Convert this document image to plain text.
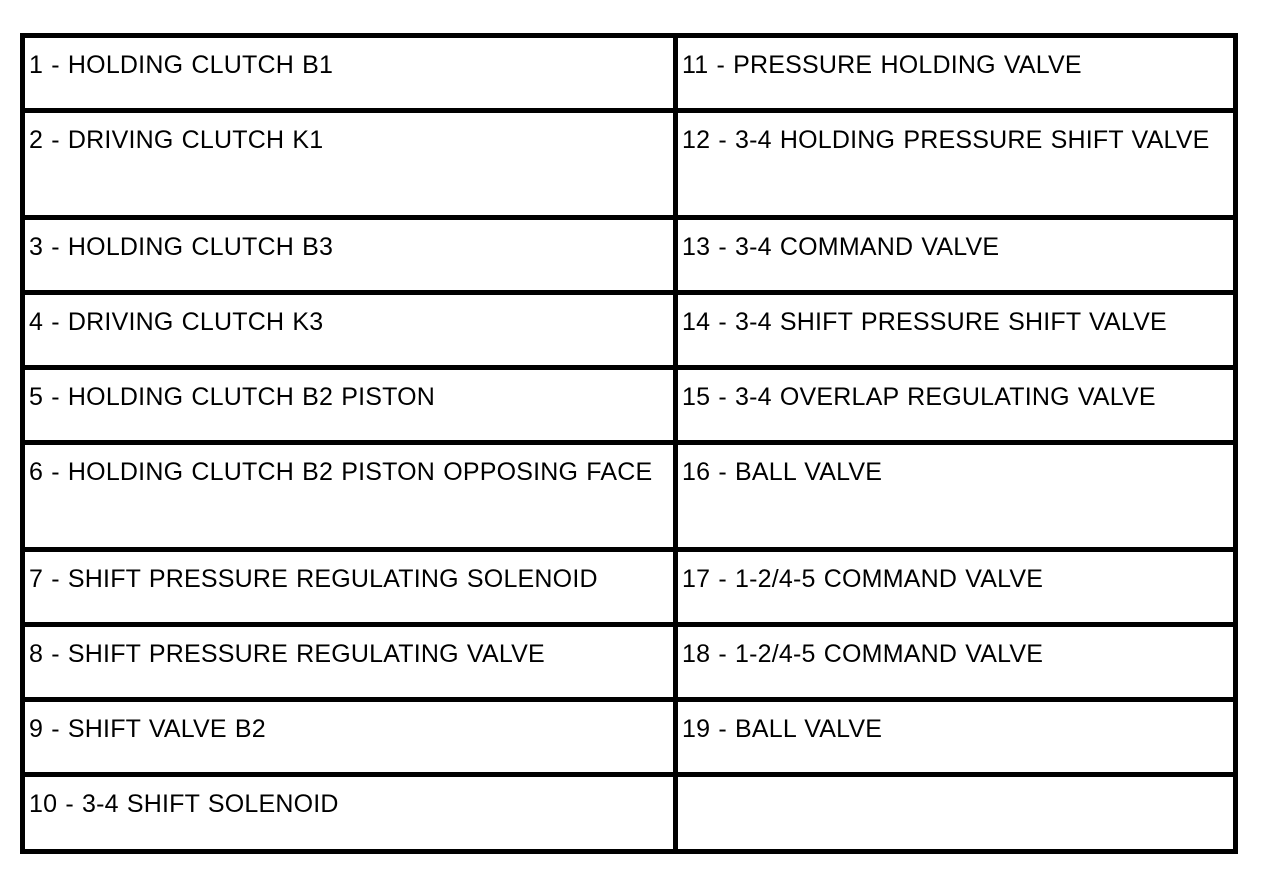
1 - HOLDING CLUTCH B1	11 - PRESSURE HOLDING VALVE
2 - DRIVING CLUTCH K1	12 - 3-4 HOLDING PRESSURE SHIFT VALVE
3 - HOLDING CLUTCH B3	13 - 3-4 COMMAND VALVE
4 - DRIVING CLUTCH K3	14 - 3-4 SHIFT PRESSURE SHIFT VALVE
5 - HOLDING CLUTCH B2 PISTON	15 - 3-4 OVERLAP REGULATING VALVE
6 - HOLDING CLUTCH B2 PISTON OPPOSING FACE	16 - BALL VALVE
7 - SHIFT PRESSURE REGULATING SOLENOID	17 - 1-2/4-5 COMMAND VALVE
8 - SHIFT PRESSURE REGULATING VALVE	18 - 1-2/4-5 COMMAND VALVE
9 - SHIFT VALVE B2	19 - BALL VALVE
10 - 3-4 SHIFT SOLENOID	
